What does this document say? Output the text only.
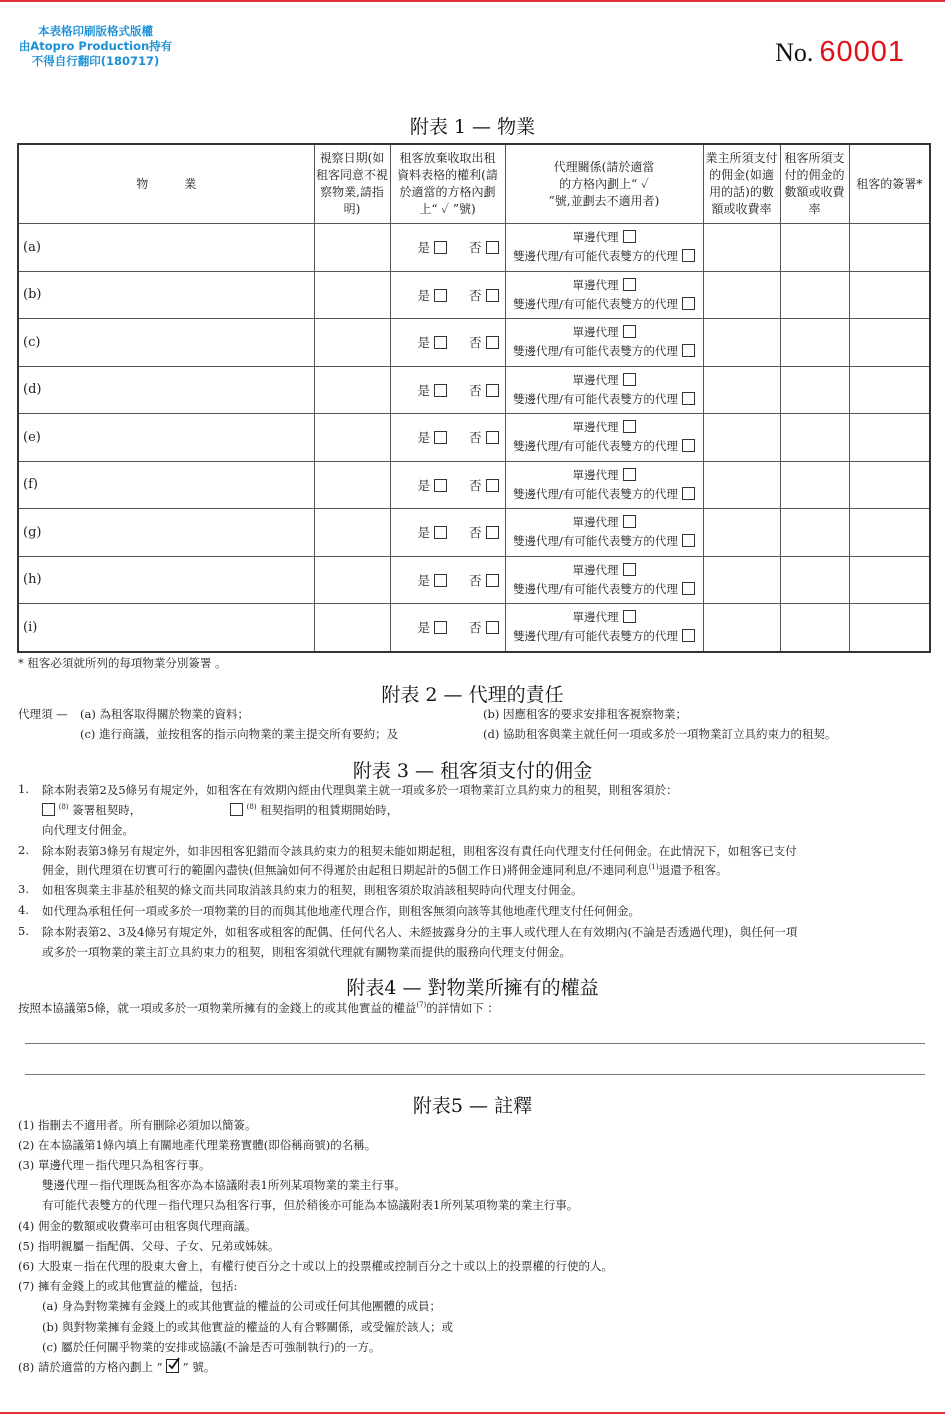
本表格印刷版格式版權
由Atopro Production持有
不得自行翻印(180717)	No. 60001
附表 1 — 物業
物　　　業	視察日期(如租客同意不視察物業,請指明)	租客放棄收取出租資料表格的權利(請於適當的方格內劃上“ ✓ ”號)	代理關係(請於適當的方格內劃上“ ✓ ”號,並劃去不適用者)	業主所須支付的佣金(如適用的話)的數額或收費率	租客所須支付的佣金的數額或收費率	租客的簽署*
(a)		是 否	單邊代理
雙邊代理/有可能代表雙方的代理			

(b)		是 否	單邊代理
雙邊代理/有可能代表雙方的代理			

(c)		是 否	單邊代理
雙邊代理/有可能代表雙方的代理			

(d)		是 否	單邊代理
雙邊代理/有可能代表雙方的代理			

(e)		是 否	單邊代理
雙邊代理/有可能代表雙方的代理			

(f)		是 否	單邊代理
雙邊代理/有可能代表雙方的代理			

(g)		是 否	單邊代理
雙邊代理/有可能代表雙方的代理			

(h)		是 否	單邊代理
雙邊代理/有可能代表雙方的代理			

(i)		是 否	單邊代理
雙邊代理/有可能代表雙方的代理			

* 租客必須就所列的每項物業分別簽署 。
附表 2 — 代理的責任
代理須 — (a) 為租客取得關於物業的資料；	(b) 因應租客的要求安排租客視察物業；
(c) 進行商議，並按租客的指示向物業的業主提交所有要約；及	(d) 協助租客與業主就任何一項或多於一項物業訂立具約束力的租契。
附表 3 — 租客須支付的佣金
1. 除本附表第2及5條另有規定外，如租客在有效期內經由代理與業主就一項或多於一項物業訂立具約束力的租契，則租客須於：
$^{(8)}$ 簽署租契時，	$^{(8)}$ 租契指明的租賃期開始時，
向代理支付佣金。
2. 除本附表第3條另有規定外，如非因租客犯錯而令該具約束力的租契未能如期起租，則租客沒有責任向代理支付任何佣金。在此情況下，如租客已支付
佣金，則代理須在切實可行的範圍內盡快(但無論如何不得遲於由起租日期起計的5個工作日)將佣金連同利息/不連同利息$^{(1)}$退還予租客。
3. 如租客與業主非基於租契的條文而共同取消該具約束力的租契，則租客須於取消該租契時向代理支付佣金。
4. 如代理為承租任何一項或多於一項物業的目的而與其他地產代理合作，則租客無須向該等其他地產代理支付任何佣金。
5. 除本附表第2、3及4條另有規定外，如租客或租客的配偶、任何代名人、未經披露身分的主事人或代理人在有效期內(不論是否透過代理)，與任何一項
或多於一項物業的業主訂立具約束力的租契，則租客須就代理就有關物業而提供的服務向代理支付佣金。
附表4 — 對物業所擁有的權益
按照本協議第5條，就一項或多於一項物業所擁有的金錢上的或其他實益的權益$^{(7)}$的詳情如下 ：
附表5 — 註釋
(1) 指刪去不適用者。所有刪除必須加以簡簽。
(2) 在本協議第1條內填上有關地產代理業務實體(即俗稱商號)的名稱。
(3) 單邊代理－指代理只為租客行事。
雙邊代理－指代理既為租客亦為本協議附表1所列某項物業的業主行事。
有可能代表雙方的代理－指代理只為租客行事，但於稍後亦可能為本協議附表1所列某項物業的業主行事。
(4) 佣金的數額或收費率可由租客與代理商議。
(5) 指明親屬－指配偶、父母、子女、兄弟或姊妹。
(6) 大股東－指在代理的股東大會上，有權行使百分之十或以上的投票權或控制百分之十或以上的投票權的行使的人。
(7) 擁有金錢上的或其他實益的權益，包括:
(a) 身為對物業擁有金錢上的或其他實益的權益的公司或任何其他團體的成員；
(b) 與對物業擁有金錢上的或其他實益的權益的人有合夥關係，或受僱於該人；或
(c) 屬於任何關乎物業的安排或協議(不論是否可強制執行)的一方。
(8) 請於適當的方格內劃上 “ ” 號。
